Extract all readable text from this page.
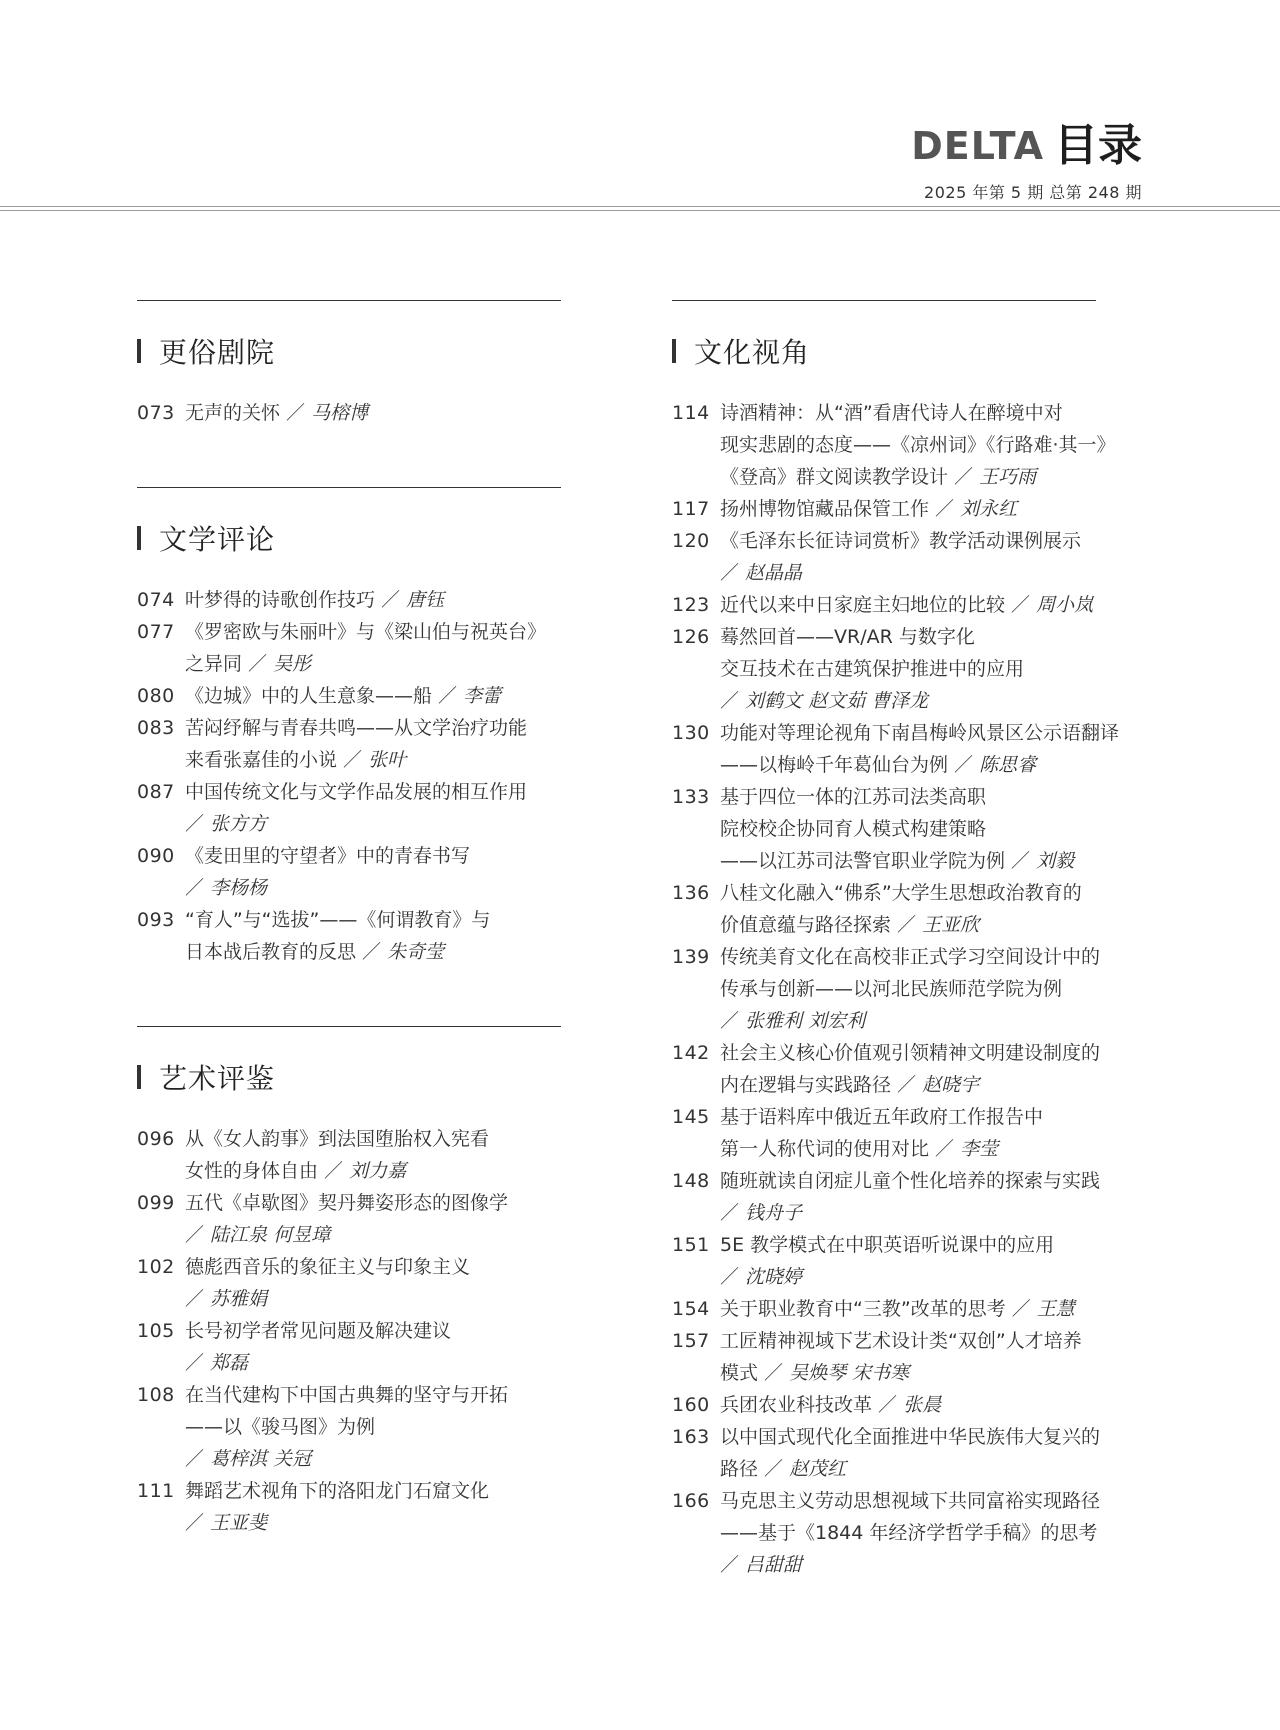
DELTA 目录
2025 年第 5 期 总第 248 期
更俗剧院
073 无声的关怀 ／ 马榕博
文学评论
074 叶梦得的诗歌创作技巧 ／ 唐钰
077 《罗密欧与朱丽叶》与《梁山伯与祝英台》
之异同 ／ 吴彤
080 《边城》中的人生意象——船 ／ 李蕾
083 苦闷纾解与青春共鸣——从文学治疗功能
来看张嘉佳的小说 ／ 张叶
087 中国传统文化与文学作品发展的相互作用
／ 张方方
090 《麦田里的守望者》中的青春书写
／ 李杨杨
093 “育人”与“选拔”——《何谓教育》与
日本战后教育的反思 ／ 朱奇莹
艺术评鉴
096 从《女人韵事》到法国堕胎权入宪看
女性的身体自由 ／ 刘力嘉
099 五代《卓歇图》契丹舞姿形态的图像学
／ 陆江泉 何昱璋
102 德彪西音乐的象征主义与印象主义
／ 苏雅娟
105 长号初学者常见问题及解决建议
／ 郑磊
108 在当代建构下中国古典舞的坚守与开拓
——以《骏马图》为例
／ 葛梓淇 关冠
111 舞蹈艺术视角下的洛阳龙门石窟文化
／ 王亚斐
文化视角
114 诗酒精神：从“酒”看唐代诗人在醉境中对
现实悲剧的态度——《凉州词》《行路难·其一》
《登高》群文阅读教学设计 ／ 王巧雨
117 扬州博物馆藏品保管工作 ／ 刘永红
120 《毛泽东长征诗词赏析》教学活动课例展示
／ 赵晶晶
123 近代以来中日家庭主妇地位的比较 ／ 周小岚
126 蓦然回首——VR/AR 与数字化
交互技术在古建筑保护推进中的应用
／ 刘鹤文 赵文茹 曹泽龙
130 功能对等理论视角下南昌梅岭风景区公示语翻译
——以梅岭千年葛仙台为例 ／ 陈思睿
133 基于四位一体的江苏司法类高职
院校校企协同育人模式构建策略
——以江苏司法警官职业学院为例 ／ 刘毅
136 八桂文化融入“佛系”大学生思想政治教育的
价值意蕴与路径探索 ／ 王亚欣
139 传统美育文化在高校非正式学习空间设计中的
传承与创新——以河北民族师范学院为例
／ 张雅利 刘宏利
142 社会主义核心价值观引领精神文明建设制度的
内在逻辑与实践路径 ／ 赵晓宇
145 基于语料库中俄近五年政府工作报告中
第一人称代词的使用对比 ／ 李莹
148 随班就读自闭症儿童个性化培养的探索与实践
／ 钱舟子
151 5E 教学模式在中职英语听说课中的应用
／ 沈晓婷
154 关于职业教育中“三教”改革的思考 ／ 王慧
157 工匠精神视域下艺术设计类“双创”人才培养
模式 ／ 吴焕琴 宋书寒
160 兵团农业科技改革 ／ 张晨
163 以中国式现代化全面推进中华民族伟大复兴的
路径 ／ 赵茂红
166 马克思主义劳动思想视域下共同富裕实现路径
——基于《1844 年经济学哲学手稿》的思考
／ 吕甜甜
